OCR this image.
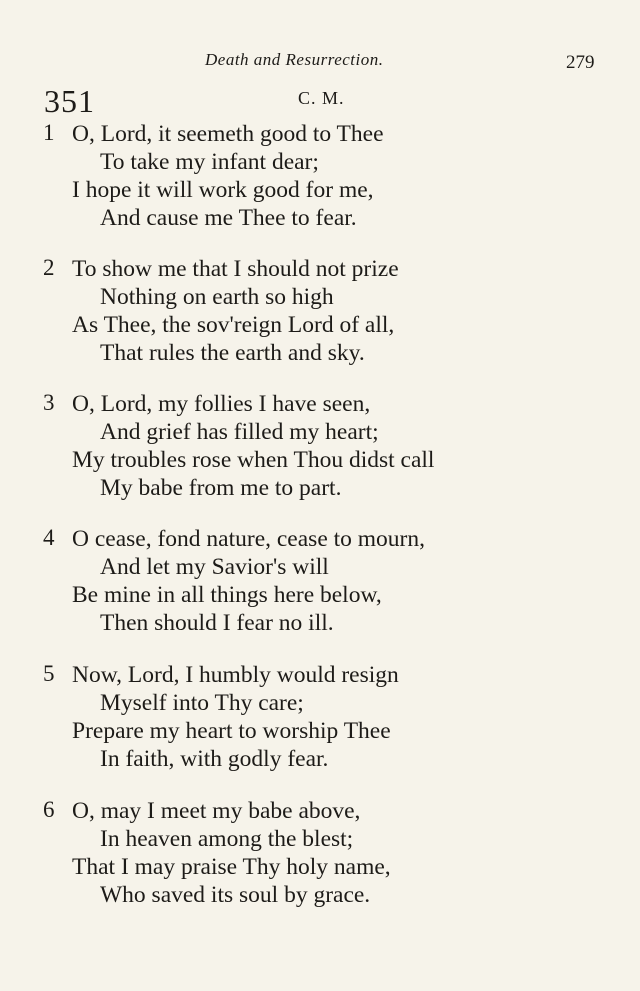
Death and Resurrection.	279
351	C. M.
1 O, Lord, it seemeth good to Thee
To take my infant dear;
I hope it will work good for me,
And cause me Thee to fear.
2 To show me that I should not prize
Nothing on earth so high
As Thee, the sov'reign Lord of all,
That rules the earth and sky.
3 O, Lord, my follies I have seen,
And grief has filled my heart;
My troubles rose when Thou didst call
My babe from me to part.
4 O cease, fond nature, cease to mourn,
And let my Savior's will
Be mine in all things here below,
Then should I fear no ill.
5 Now, Lord, I humbly would resign
Myself into Thy care;
Prepare my heart to worship Thee
In faith, with godly fear.
6 O, may I meet my babe above,
In heaven among the blest;
That I may praise Thy holy name,
Who saved its soul by grace.
